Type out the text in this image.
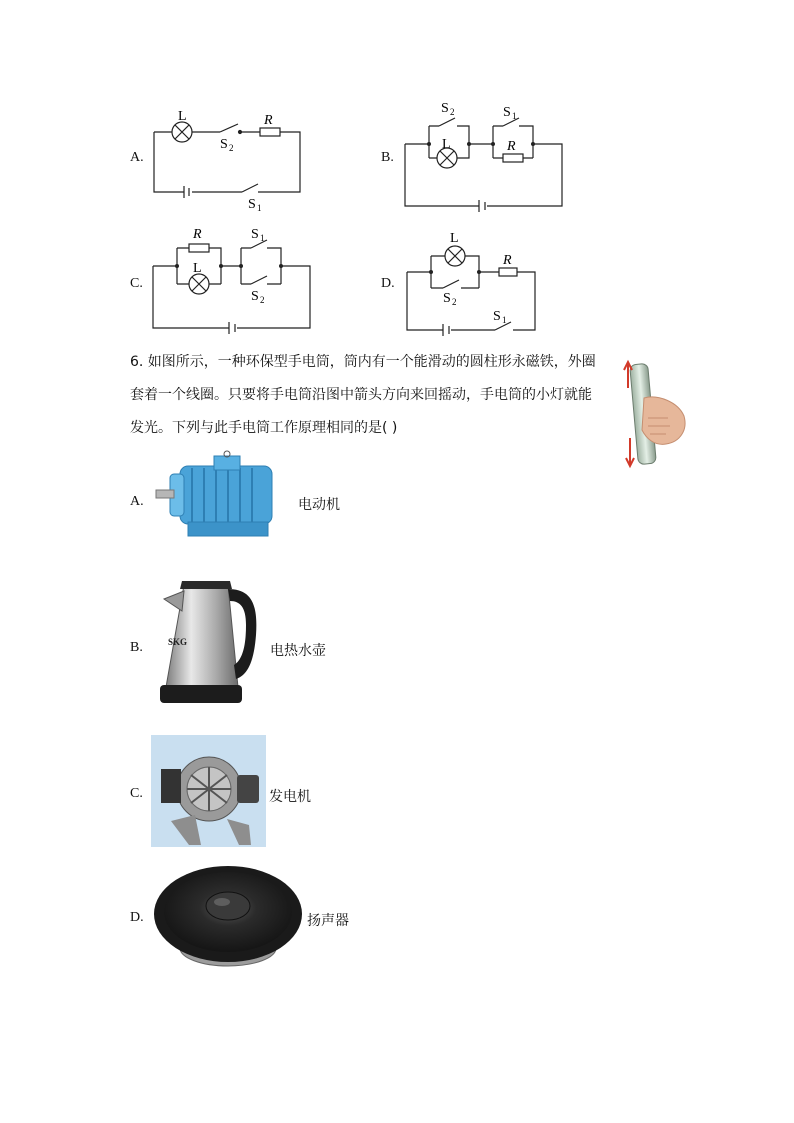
A.
L	R
S 2
S 1
B.
S 2
L
S 1
R
C.
R
L
S 1
S 2
D.
L
R
S 2
S 1
6. 如图所示，一种环保型手电筒，筒内有一个能滑动的圆柱形永磁铁，外圈
套着一个线圈。只要将手电筒沿图中箭头方向来回摇动，手电筒的小灯就能
发光。下列与此手电筒工作原理相同的是( )
A.	电动机
B.	SKG
电热水壶
C.	发电机
D.	扬声器
